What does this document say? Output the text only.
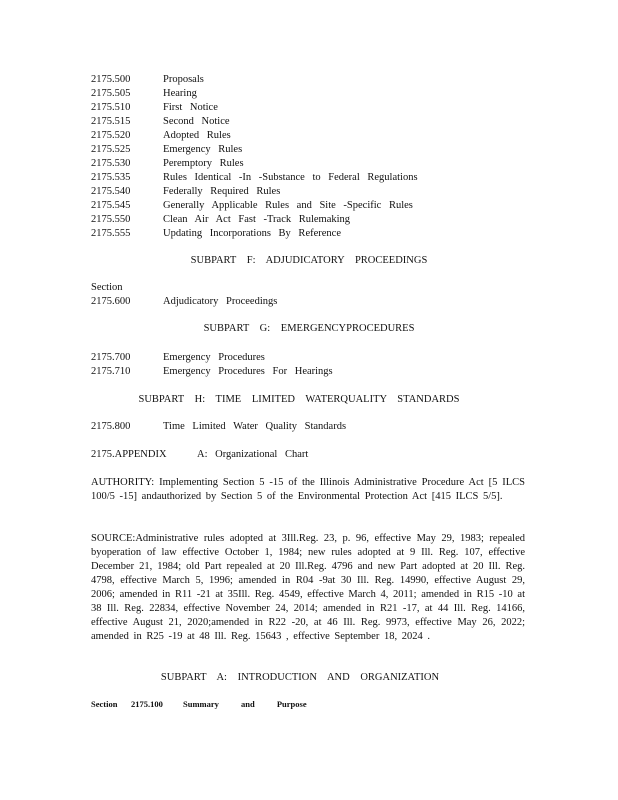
2175.500	Proposals
2175.505	Hearing
2175.510	First Notice
2175.515	Second Notice
2175.520	Adopted Rules
2175.525	Emergency Rules
2175.530	Peremptory Rules
2175.535	Rules Identical -In -Substance to Federal Regulations
2175.540	Federally Required Rules
2175.545	Generally Applicable Rules and Site -Specific Rules
2175.550	Clean Air Act Fast -Track Rulemaking
2175.555	Updating Incorporations By Reference
SUBPART F: ADJUDICATORY PROCEEDINGS
Section
2175.600	Adjudicatory Proceedings
SUBPART G: EMERGENCYPROCEDURES
2175.700	Emergency Procedures
2175.710	Emergency Procedures For Hearings
SUBPART H: TIME LIMITED WATERQUALITY STANDARDS
2175.800	Time Limited Water Quality Standards
2175.APPENDIX	A: Organizational Chart
AUTHORITY: Implementing Section 5 -15 of the Illinois Administrative Procedure Act [5 ILCS 100/5 -15] andauthorized by Section 5 of the Environmental Protection Act [415 ILCS 5/5].
SOURCE:Administrative rules adopted at 3Ill.Reg. 23, p. 96, effective May 29, 1983; repealed byoperation of law effective October 1, 1984; new rules adopted at 9 Ill. Reg. 107, effective December 21, 1984; old Part repealed at 20 Ill.Reg. 4796 and new Part adopted at 20 Ill. Reg. 4798, effective March 5, 1996; amended in R04 -9at 30 Ill. Reg. 14990, effective August 29, 2006; amended in R11 -21 at 35Ill. Reg. 4549, effective March 4, 2011; amended in R15 -10 at 38 Ill. Reg. 22834, effective November 24, 2014; amended in R21 -17, at 44 Ill. Reg. 14166, effective August 21, 2020;amended in R22 -20, at 46 Ill. Reg. 9973, effective May 26, 2022; amended in R25 -19 at 48 Ill. Reg. 15643 , effective September 18, 2024 .
SUBPART A: INTRODUCTION AND ORGANIZATION
Section 2175.100 Summary and Purpose
